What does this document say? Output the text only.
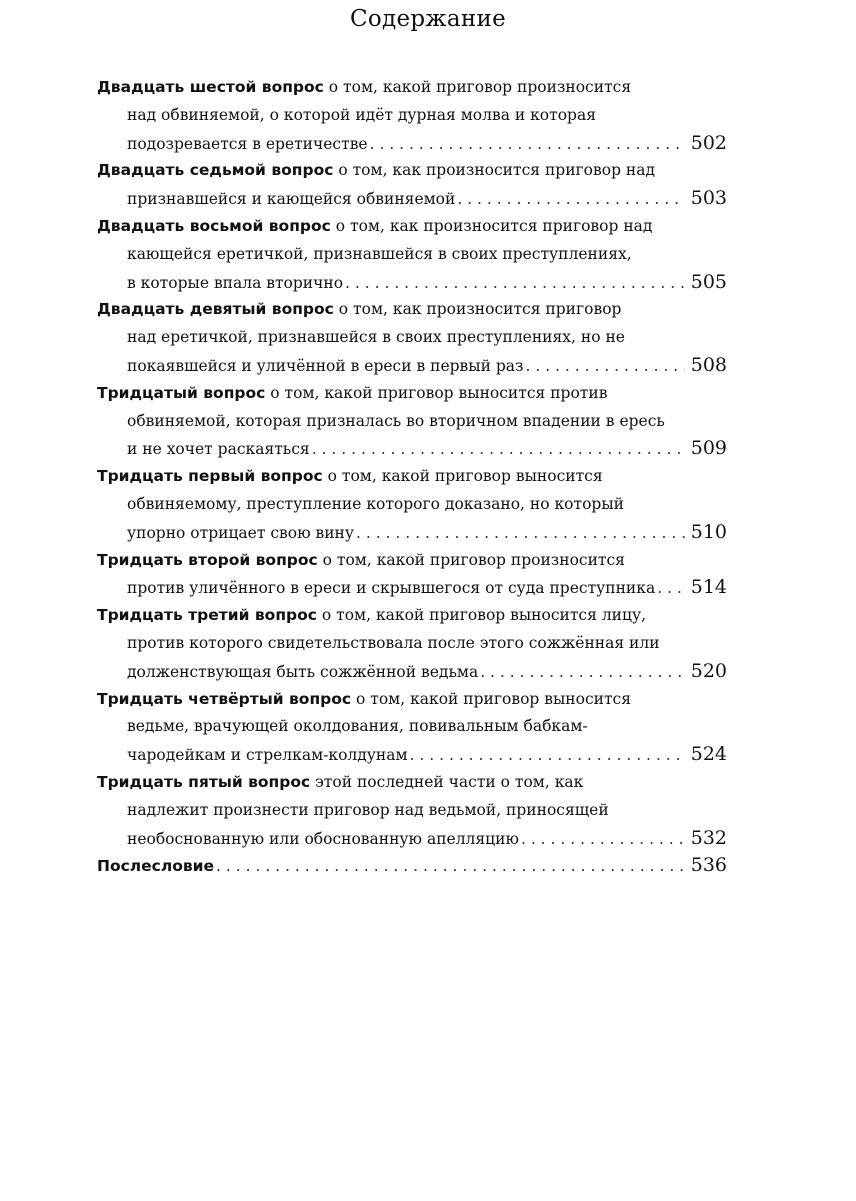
Содержание
Двадцать шестой вопрос о том, какой приговор произносится
над обвиняемой, о которой идёт дурная молва и которая
подозревается в еретичестве . . .	502
Двадцать седьмой вопрос о том, как произносится приговор над
признавшейся и кающейся обвиняемой . . .	503
Двадцать восьмой вопрос о том, как произносится приговор над
кающейся еретичкой, признавшейся в своих преступлениях,
в которые впала вторично . . .	505
Двадцать девятый вопрос о том, как произносится приговор
над еретичкой, признавшейся в своих преступлениях, но не
покаявшейся и уличённой в ереси в первый раз . . .	508
Тридцатый вопрос о том, какой приговор выносится против
обвиняемой, которая призналась во вторичном впадении в ересь
и не хочет раскаяться . . .	509
Тридцать первый вопрос о том, какой приговор выносится
обвиняемому, преступление которого доказано, но который
упорно отрицает свою вину . . .	510
Тридцать второй вопрос о том, какой приговор произносится
против уличённого в ереси и скрывшегося от суда преступника . . . 514
Тридцать третий вопрос о том, какой приговор выносится лицу,
против которого свидетельствовала после этого сожжённая или
долженствующая быть сожжённой ведьма . . .	520
Тридцать четвёртый вопрос о том, какой приговор выносится
ведьме, врачующей околдования, повивальным бабкам-
чародейкам и стрелкам-колдунам . . .	524
Тридцать пятый вопрос этой последней части о том, как
надлежит произнести приговор над ведьмой, приносящей
необоснованную или обоснованную апелляцию . . .	532
Послесловие . . .	536
